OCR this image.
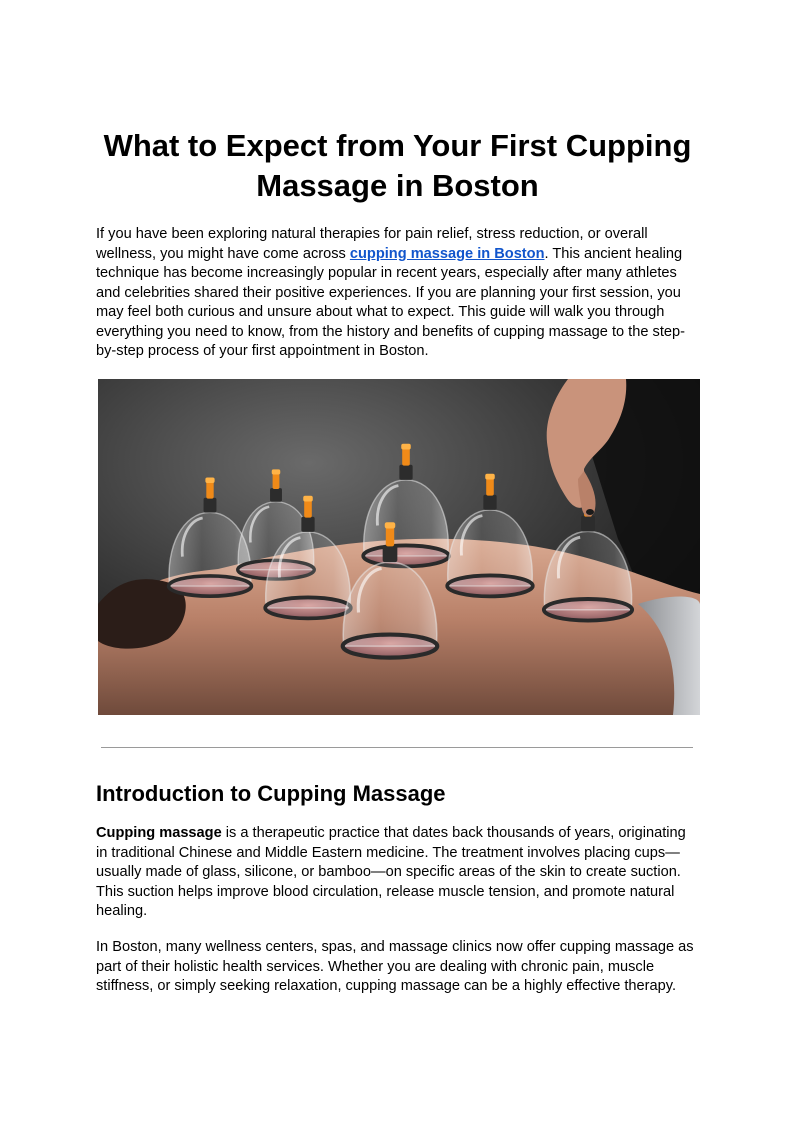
What to Expect from Your First Cupping Massage in Boston

If you have been exploring natural therapies for pain relief, stress reduction, or overall wellness, you might have come across cupping massage in Boston. This ancient healing technique has become increasingly popular in recent years, especially after many athletes and celebrities shared their positive experiences. If you are planning your first session, you may feel both curious and unsure about what to expect. This guide will walk you through everything you need to know, from the history and benefits of cupping massage to the step-by-step process of your first appointment in Boston.

Introduction to Cupping Massage

Cupping massage is a therapeutic practice that dates back thousands of years, originating in traditional Chinese and Middle Eastern medicine. The treatment involves placing cups—usually made of glass, silicone, or bamboo—on specific areas of the skin to create suction. This suction helps improve blood circulation, release muscle tension, and promote natural healing.

In Boston, many wellness centers, spas, and massage clinics now offer cupping massage as part of their holistic health services. Whether you are dealing with chronic pain, muscle stiffness, or simply seeking relaxation, cupping massage can be a highly effective therapy.
